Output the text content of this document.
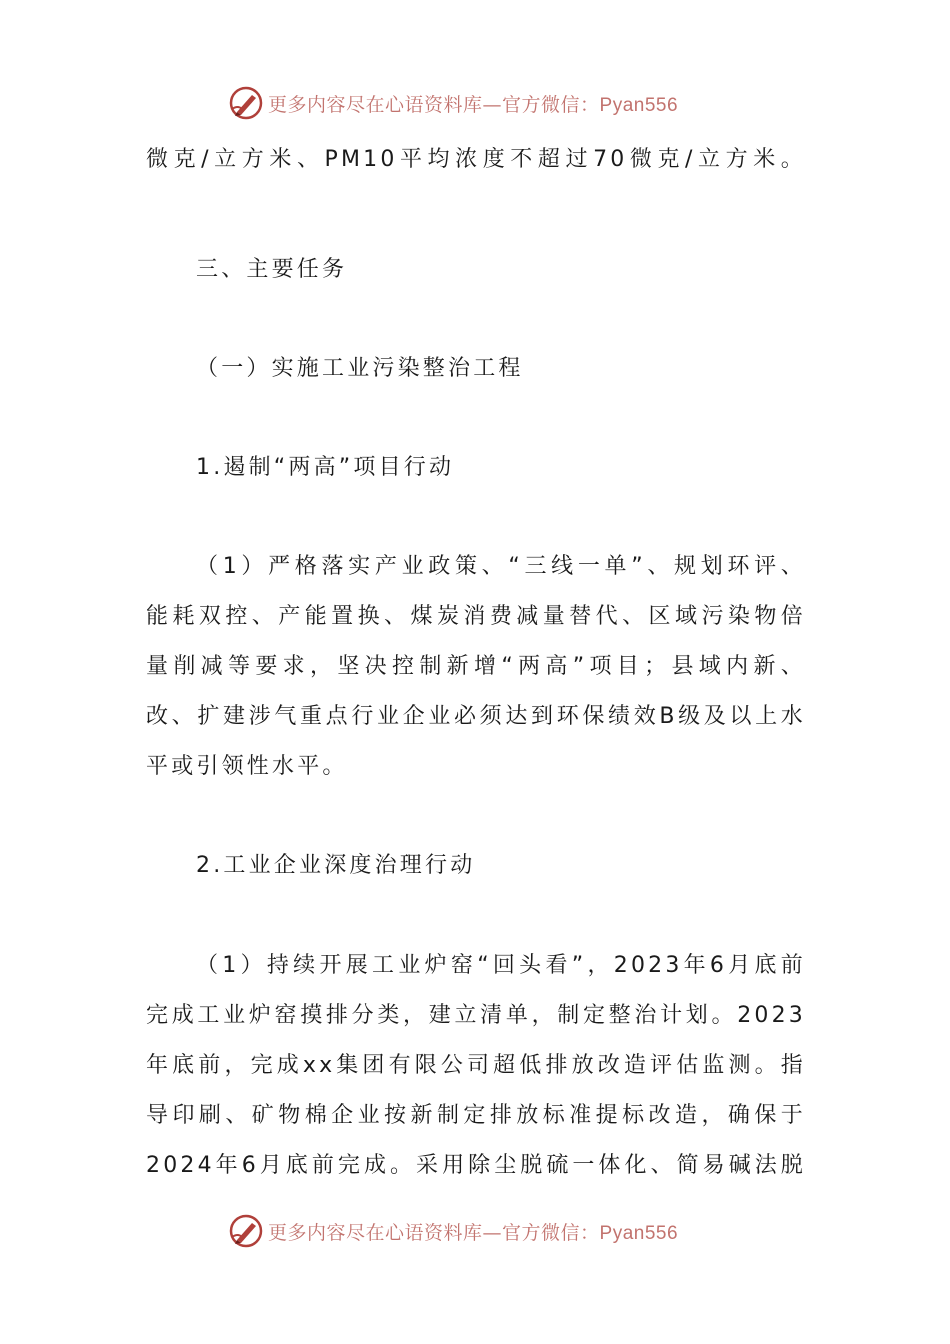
更多内容尽在心语资料库—官方微信：Pyan556
微克/立方米、PM10平均浓度不超过70微克/立方米。
三、主要任务
（一）实施工业污染整治工程
1.遏制“两高”项目行动
（1）严格落实产业政策、“三线一单”、规划环评、
能耗双控、产能置换、煤炭消费减量替代、区域污染物倍
量削减等要求，坚决控制新增“两高”项目；县域内新、
改、扩建涉气重点行业企业必须达到环保绩效B级及以上水
平或引领性水平。
2.工业企业深度治理行动
（1）持续开展工业炉窑“回头看”，2023年6月底前
完成工业炉窑摸排分类，建立清单，制定整治计划。2023
年底前，完成xx集团有限公司超低排放改造评估监测。指
导印刷、矿物棉企业按新制定排放标准提标改造，确保于
2024年6月底前完成。采用除尘脱硫一体化、简易碱法脱
更多内容尽在心语资料库—官方微信：Pyan556
